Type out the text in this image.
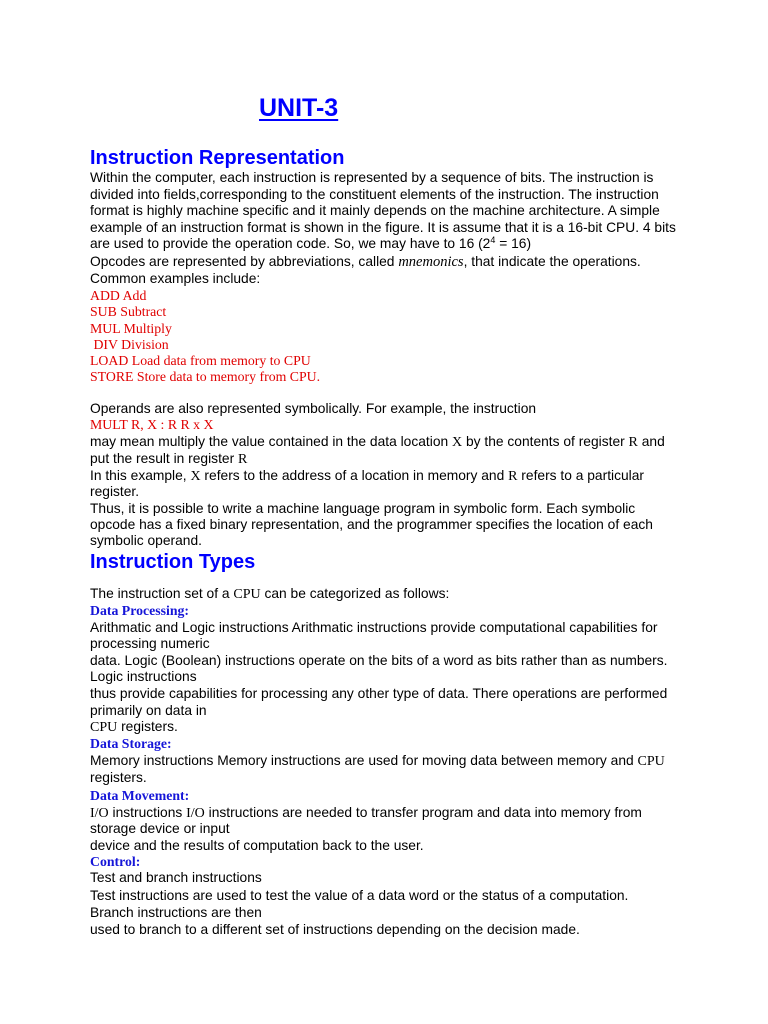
UNIT-3
Instruction Representation
Within the computer, each instruction is represented by a sequence of bits. The instruction is
divided into fields,corresponding to the constituent elements of the instruction. The instruction
format is highly machine specific and it mainly depends on the machine architecture. A simple
example of an instruction format is shown in the figure. It is assume that it is a 16-bit CPU. 4 bits
are used to provide the operation code. So, we may have to 16 $(2^4 = 16)$
Opcodes are represented by abbreviations, called mnemonics, that indicate the operations.
Common examples include:
ADD Add
SUB Subtract
MUL Multiply
DIV Division
LOAD Load data from memory to CPU
STORE Store data to memory from CPU.
Operands are also represented symbolically. For example, the instruction
MULT R, X : R R x X
may mean multiply the value contained in the data location X by the contents of register R and
put the result in register R
In this example, X refers to the address of a location in memory and R refers to a particular
register.
Thus, it is possible to write a machine language program in symbolic form. Each symbolic
opcode has a fixed binary representation, and the programmer specifies the location of each
symbolic operand.
Instruction Types
The instruction set of a CPU can be categorized as follows:
Data Processing:
Arithmatic and Logic instructions Arithmatic instructions provide computational capabilities for
processing numeric
data. Logic (Boolean) instructions operate on the bits of a word as bits rather than as numbers.
Logic instructions
thus provide capabilities for processing any other type of data. There operations are performed
primarily on data in
CPU registers.
Data Storage:
Memory instructions Memory instructions are used for moving data between memory and CPU
registers.
Data Movement:
I/O instructions I/O instructions are needed to transfer program and data into memory from
storage device or input
device and the results of computation back to the user.
Control:
Test and branch instructions
Test instructions are used to test the value of a data word or the status of a computation.
Branch instructions are then
used to branch to a different set of instructions depending on the decision made.
